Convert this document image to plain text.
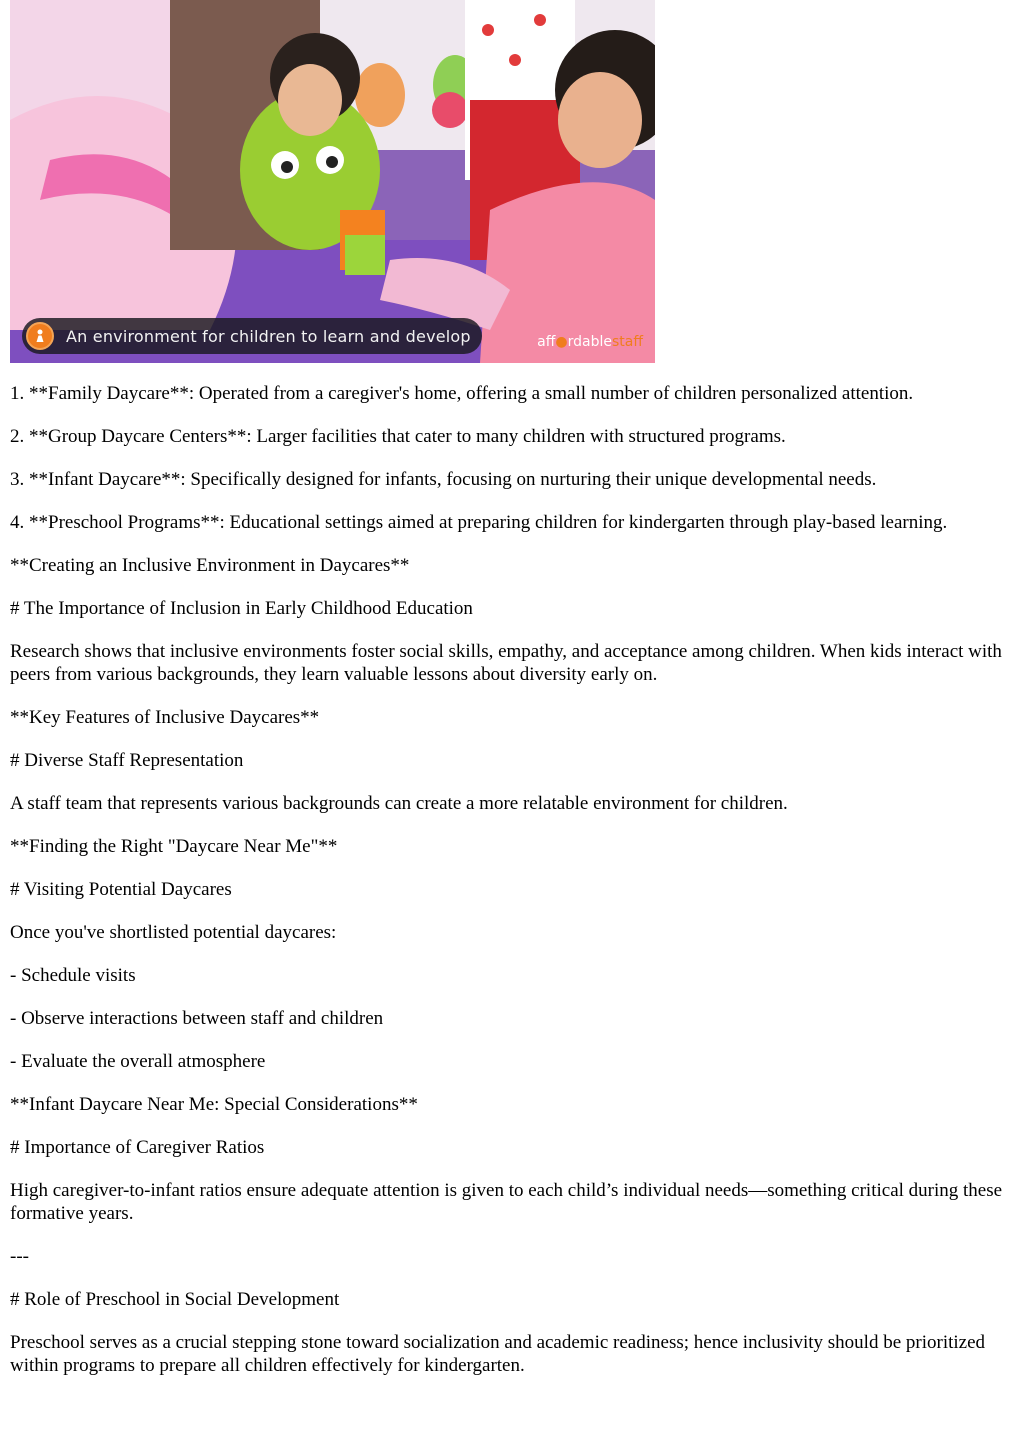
An environment for children to learn and develop	aff●rdablestaff

1. **Family Daycare**: Operated from a caregiver's home, offering a small number of children personalized attention.

2. **Group Daycare Centers**: Larger facilities that cater to many children with structured programs.

3. **Infant Daycare**: Specifically designed for infants, focusing on nurturing their unique developmental needs.

4. **Preschool Programs**: Educational settings aimed at preparing children for kindergarten through play-based learning.

**Creating an Inclusive Environment in Daycares**

# The Importance of Inclusion in Early Childhood Education

Research shows that inclusive environments foster social skills, empathy, and acceptance among children. When kids interact with peers from various backgrounds, they learn valuable lessons about diversity early on.

**Key Features of Inclusive Daycares**

# Diverse Staff Representation

A staff team that represents various backgrounds can create a more relatable environment for children.

**Finding the Right "Daycare Near Me"**

# Visiting Potential Daycares

Once you've shortlisted potential daycares:

- Schedule visits

- Observe interactions between staff and children

- Evaluate the overall atmosphere

**Infant Daycare Near Me: Special Considerations**

# Importance of Caregiver Ratios

High caregiver-to-infant ratios ensure adequate attention is given to each child’s individual needs—something critical during these formative years.

---

# Role of Preschool in Social Development

Preschool serves as a crucial stepping stone toward socialization and academic readiness; hence inclusivity should be prioritized within programs to prepare all children effectively for kindergarten.
